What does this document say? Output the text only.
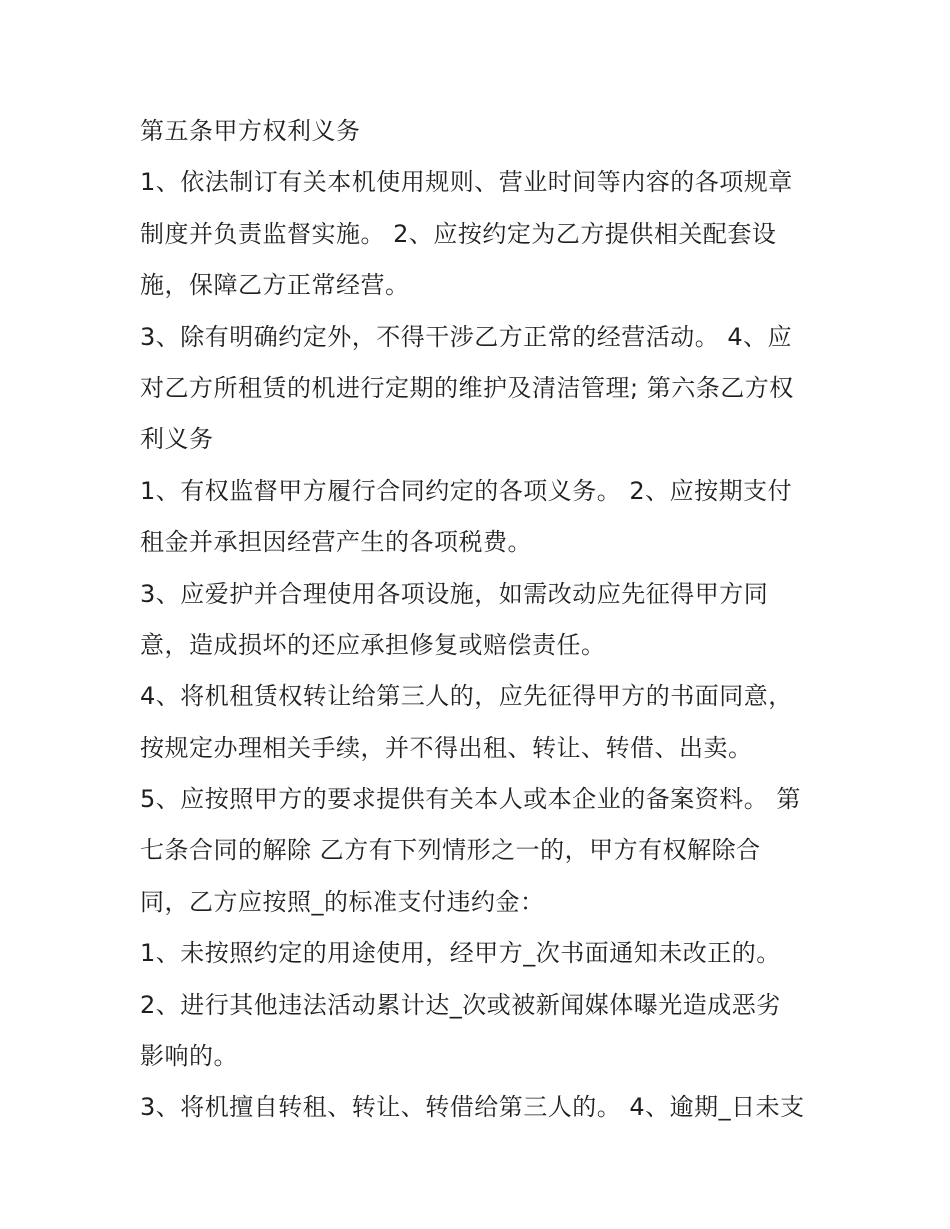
第五条甲方权利义务
1、依法制订有关本机使用规则、营业时间等内容的各项规章
制度并负责监督实施。 2、应按约定为乙方提供相关配套设
施，保障乙方正常经营。
3、除有明确约定外，不得干涉乙方正常的经营活动。 4、应
对乙方所租赁的机进行定期的维护及清洁管理; 第六条乙方权
利义务
1、有权监督甲方履行合同约定的各项义务。 2、应按期支付
租金并承担因经营产生的各项税费。
3、应爱护并合理使用各项设施，如需改动应先征得甲方同
意，造成损坏的还应承担修复或赔偿责任。
4、将机租赁权转让给第三人的，应先征得甲方的书面同意，
按规定办理相关手续，并不得出租、转让、转借、出卖。
5、应按照甲方的要求提供有关本人或本企业的备案资料。 第
七条合同的解除 乙方有下列情形之一的，甲方有权解除合
同，乙方应按照_的标准支付违约金：
1、未按照约定的用途使用，经甲方_次书面通知未改正的。
2、进行其他违法活动累计达_次或被新闻媒体曝光造成恶劣
影响的。
3、将机擅自转租、转让、转借给第三人的。 4、逾期_日未支
